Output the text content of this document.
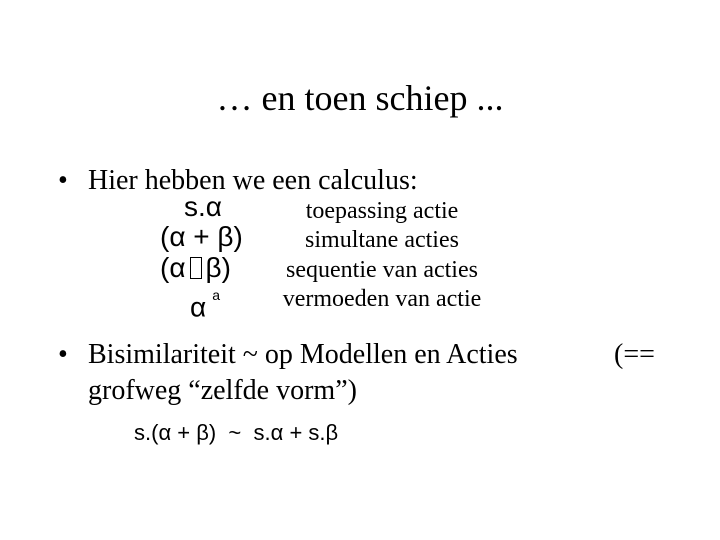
… en toen schiep ...
• Hier hebben we een calculus:
s.α
(α + β)
(α β)
α $^a$
toepassing actie
simultane acties
sequentie van acties
vermoeden van actie
• Bisimilariteit ~ op Modellen en Acties	(==
grofweg “zelfde vorm”)
s.(α + β)  ~  s.α + s.β
